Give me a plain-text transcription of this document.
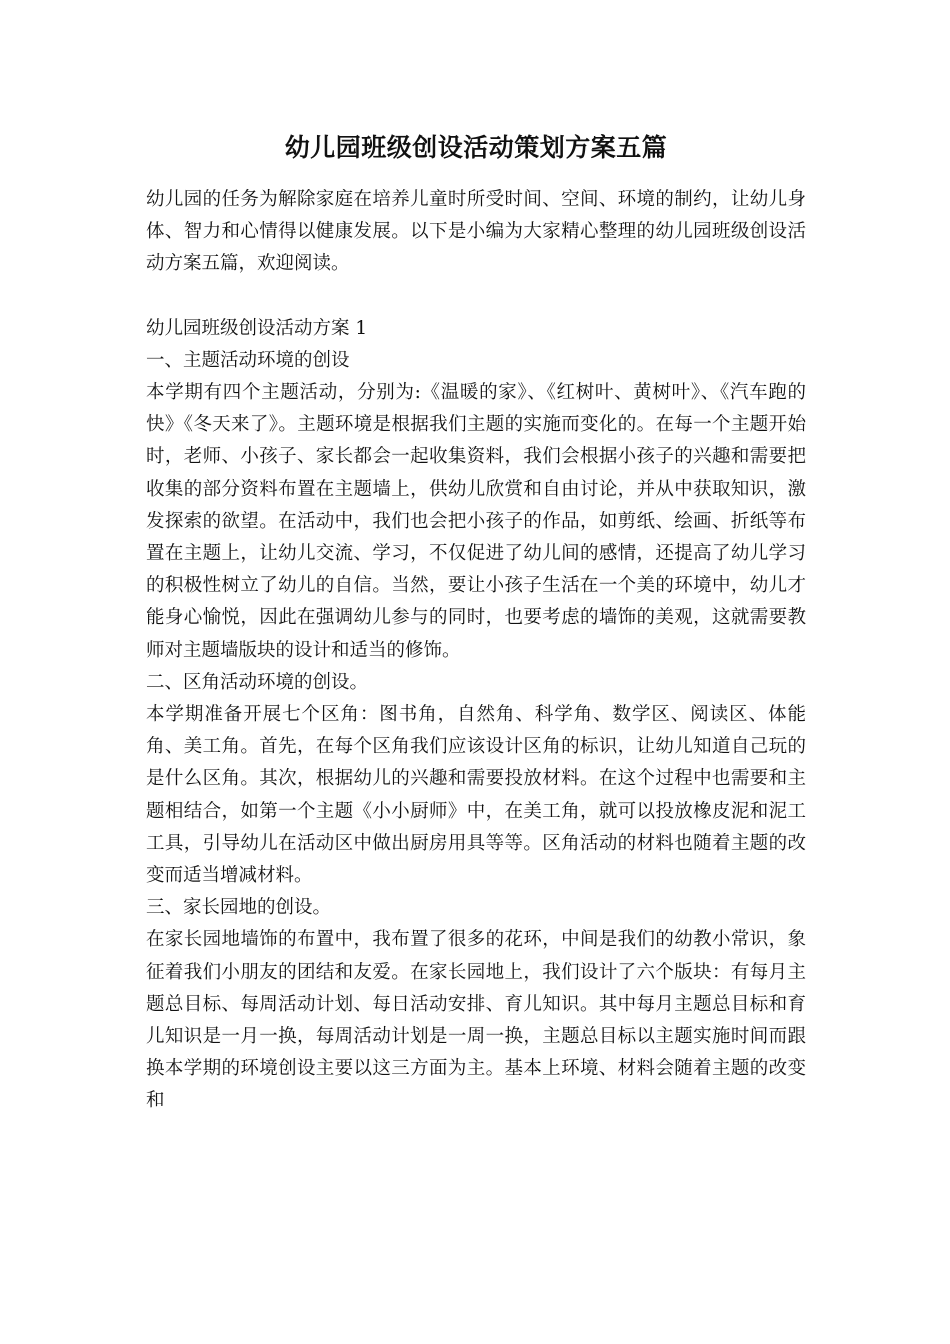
幼儿园班级创设活动策划方案五篇

幼儿园的任务为解除家庭在培养儿童时所受时间、空间、环境的制约，让幼儿身体、智力和心情得以健康发展。以下是小编为大家精心整理的幼儿园班级创设活动方案五篇，欢迎阅读。

幼儿园班级创设活动方案 1

一、主题活动环境的创设

本学期有四个主题活动，分别为:《温暖的家》、《红树叶、黄树叶》、《汽车跑的快》《冬天来了》。主题环境是根据我们主题的实施而变化的。在每一个主题开始时，老师、小孩子、家长都会一起收集资料，我们会根据小孩子的兴趣和需要把收集的部分资料布置在主题墙上，供幼儿欣赏和自由讨论，并从中获取知识，激发探索的欲望。在活动中，我们也会把小孩子的作品，如剪纸、绘画、折纸等布置在主题上，让幼儿交流、学习，不仅促进了幼儿间的感情，还提高了幼儿学习的积极性树立了幼儿的自信。当然，要让小孩子生活在一个美的环境中，幼儿才能身心愉悦，因此在强调幼儿参与的同时，也要考虑的墙饰的美观，这就需要教师对主题墙版块的设计和适当的修饰。

二、区角活动环境的创设。

本学期准备开展七个区角：图书角，自然角、科学角、数学区、阅读区、体能角、美工角。首先，在每个区角我们应该设计区角的标识，让幼儿知道自己玩的是什么区角。其次，根据幼儿的兴趣和需要投放材料。在这个过程中也需要和主题相结合，如第一个主题《小小厨师》中，在美工角，就可以投放橡皮泥和泥工工具，引导幼儿在活动区中做出厨房用具等等。区角活动的材料也随着主题的改变而适当增减材料。

三、家长园地的创设。

在家长园地墙饰的布置中，我布置了很多的花环，中间是我们的幼教小常识，象征着我们小朋友的团结和友爱。在家长园地上，我们设计了六个版块：有每月主题总目标、每周活动计划、每日活动安排、育儿知识。其中每月主题总目标和育儿知识是一月一换，每周活动计划是一周一换，主题总目标以主题实施时间而跟换本学期的环境创设主要以这三方面为主。基本上环境、材料会随着主题的改变和
